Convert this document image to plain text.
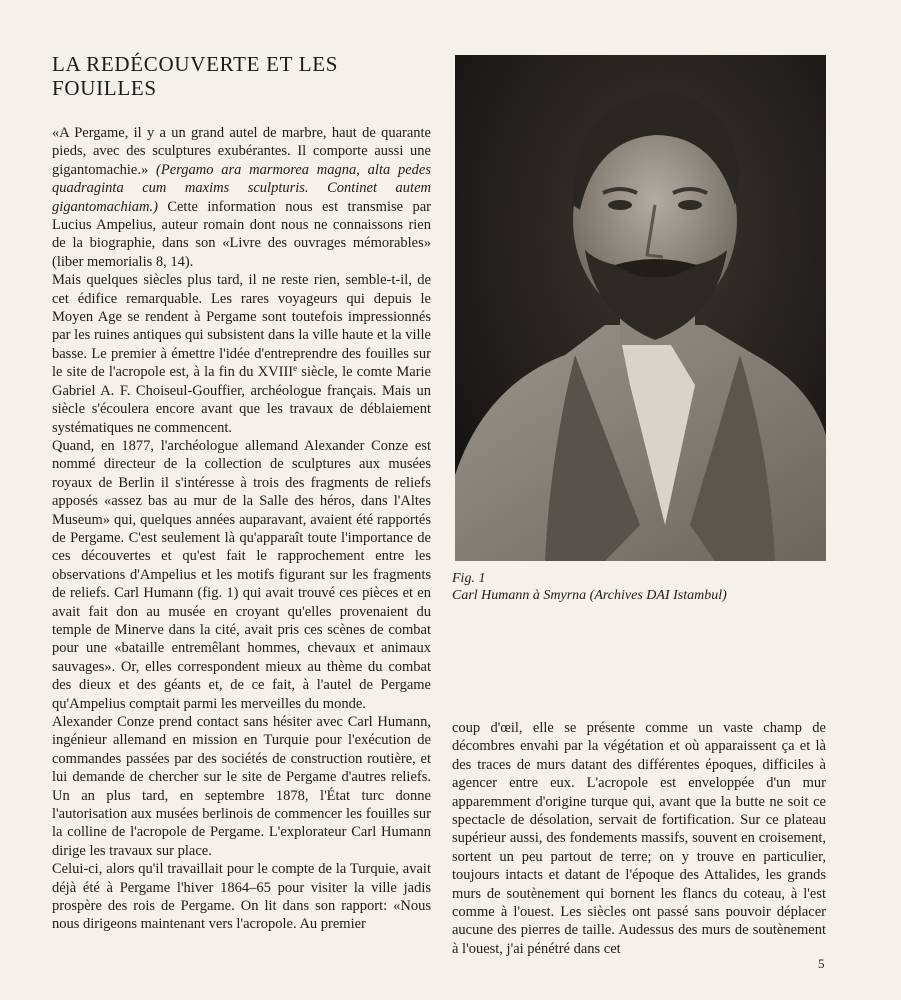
LA REDÉCOUVERTE ET LES FOUILLES

«A Pergame, il y a un grand autel de marbre, haut de quarante pieds, avec des sculptures exubérantes. Il comporte aussi une gigantomachie.» (Pergamo ara marmorea magna, alta pedes quadraginta cum maxims sculpturis. Continet autem gigantomachiam.) Cette information nous est transmise par Lucius Ampelius, auteur romain dont nous ne connaissons rien de la biographie, dans son «Livre des ouvrages mémorables» (liber memorialis 8, 14).

Mais quelques siècles plus tard, il ne reste rien, semble-t-il, de cet édifice remarquable. Les rares voyageurs qui depuis le Moyen Age se rendent à Pergame sont toutefois impressionnés par les ruines antiques qui subsistent dans la ville haute et la ville basse. Le premier à émettre l'idée d'entreprendre des fouilles sur le site de l'acropole est, à la fin du XVIIIe siècle, le comte Marie Gabriel A. F. Choiseul-Gouffier, archéologue français. Mais un siècle s'écoulera encore avant que les travaux de déblaiement systématiques ne commencent.

Quand, en 1877, l'archéologue allemand Alexander Conze est nommé directeur de la collection de sculptures aux musées royaux de Berlin il s'intéresse à trois des fragments de reliefs apposés «assez bas au mur de la Salle des héros, dans l'Altes Museum» qui, quelques années auparavant, avaient été rapportés de Pergame. C'est seulement là qu'apparaît toute l'importance de ces découvertes et qu'est fait le rapprochement entre les observations d'Ampelius et les motifs figurant sur les fragments de reliefs. Carl Humann (fig. 1) qui avait trouvé ces pièces et en avait fait don au musée en croyant qu'elles provenaient du temple de Minerve dans la cité, avait pris ces scènes de combat pour une «bataille entremêlant hommes, chevaux et animaux sauvages». Or, elles correspondent mieux au thème du combat des dieux et des géants et, de ce fait, à l'autel de Pergame qu'Ampelius comptait parmi les merveilles du monde.

Alexander Conze prend contact sans hésiter avec Carl Humann, ingénieur allemand en mission en Turquie pour l'exécution de commandes passées par des sociétés de construction routière, et lui demande de chercher sur le site de Pergame d'autres reliefs. Un an plus tard, en septembre 1878, l'État turc donne l'autorisation aux musées berlinois de commencer les fouilles sur la colline de l'acropole de Pergame. L'explorateur Carl Humann dirige les travaux sur place.

Celui-ci, alors qu'il travaillait pour le compte de la Turquie, avait déjà été à Pergame l'hiver 1864–65 pour visiter la ville jadis prospère des rois de Pergame. On lit dans son rapport: «Nous nous dirigeons maintenant vers l'acropole. Au premier

Fig. 1
Carl Humann à Smyrna (Archives DAI Istambul)

coup d'œil, elle se présente comme un vaste champ de décombres envahi par la végétation et où apparaissent ça et là des traces de murs datant des différentes époques, difficiles à agencer entre eux. L'acropole est enveloppée d'un mur apparemment d'origine turque qui, avant que la butte ne soit ce spectacle de désolation, servait de fortification. Sur ce plateau supérieur aussi, des fondements massifs, souvent en croisement, sortent un peu partout de terre; on y trouve en particulier, toujours intacts et datant de l'époque des Attalides, les grands murs de soutènement qui bornent les flancs du coteau, à l'est comme à l'ouest. Les siècles ont passé sans pouvoir déplacer aucune des pierres de taille. Audessus des murs de soutènement à l'ouest, j'ai pénétré dans cet

5
